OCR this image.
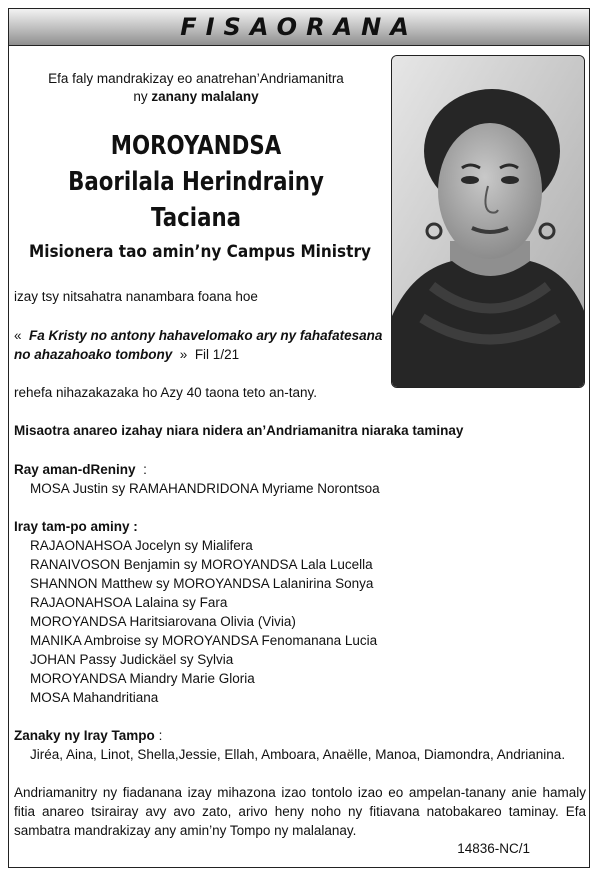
FISAORANA
Efa faly mandrakizay eo anatrehan’Andriamanitra
ny zanany malalany
MOROYANDSA
Baorilala Herindrainy
Taciana
Misionera tao amin’ny Campus Ministry
izay tsy nitsahatra nanambara foana hoe
« Fa Kristy no antony hahavelomako ary ny fahafatesana no ahazahoako tombony » Fil 1/21
rehefa nihazakazaka ho Azy 40 taona teto an-tany.
Misaotra anareo izahay niara nidera an’Andriamanitra niaraka taminay
Ray aman-dReniny :
MOSA Justin sy RAMAHANDRIDONA Myriame Norontsoa
Iray tam-po aminy :
RAJAONAHSOA Jocelyn sy Mialifera
RANAIVOSON Benjamin sy MOROYANDSA Lala Lucella
SHANNON Matthew sy MOROYANDSA Lalanirina Sonya
RAJAONAHSOA Lalaina sy Fara
MOROYANDSA Haritsiarovana Olivia (Vivia)
MANIKA Ambroise sy MOROYANDSA Fenomanana Lucia
JOHAN Passy Judickäel sy Sylvia
MOROYANDSA Miandry Marie Gloria
MOSA Mahandritiana
Zanaky ny Iray Tampo :
Jiréa, Aina, Linot, Shella,Jessie, Ellah, Amboara, Anaëlle, Manoa, Diamondra, Andrianina.
Andriamanitry ny fiadanana izay mihazona izao tontolo izao eo ampelan-tanany anie hamaly fitia anareo tsirairay avy avo zato, arivo heny noho ny fitiavana natobakareo taminay. Efa sambatra mandrakizay any amin’ny Tompo ny malalanay.
14836-NC/1
